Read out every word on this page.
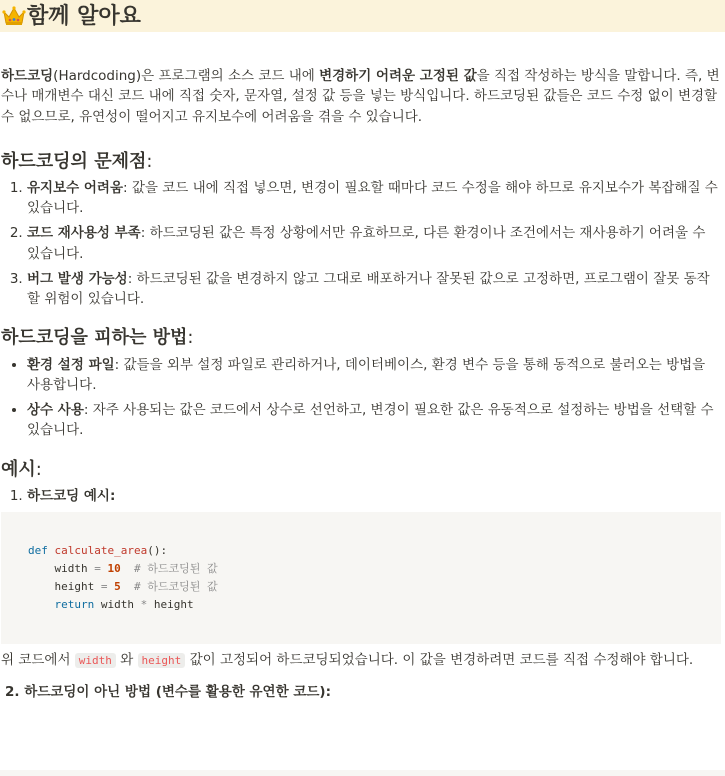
함께 알아요

하드코딩(Hardcoding)은 프로그램의 소스 코드 내에 변경하기 어려운 고정된 값을 직접 작성하는 방식을 말합니다. 즉, 변수나 매개변수 대신 코드 내에 직접 숫자, 문자열, 설정 값 등을 넣는 방식입니다. 하드코딩된 값들은 코드 수정 없이 변경할 수 없으므로, 유연성이 떨어지고 유지보수에 어려움을 겪을 수 있습니다.

하드코딩의 문제점:
1. 유지보수 어려움: 값을 코드 내에 직접 넣으면, 변경이 필요할 때마다 코드 수정을 해야 하므로 유지보수가 복잡해질 수 있습니다.
2. 코드 재사용성 부족: 하드코딩된 값은 특정 상황에서만 유효하므로, 다른 환경이나 조건에서는 재사용하기 어려울 수 있습니다.
3. 버그 발생 가능성: 하드코딩된 값을 변경하지 않고 그대로 배포하거나 잘못된 값으로 고정하면, 프로그램이 잘못 동작할 위험이 있습니다.
하드코딩을 피하는 방법:
• 환경 설정 파일: 값들을 외부 설정 파일로 관리하거나, 데이터베이스, 환경 변수 등을 통해 동적으로 불러오는 방법을 사용합니다.
• 상수 사용: 자주 사용되는 값은 코드에서 상수로 선언하고, 변경이 필요한 값은 유동적으로 설정하는 방법을 선택할 수 있습니다.
예시:
1. 하드코딩 예시:
def calculate_area():
width = 10 # 하드코딩된 값
height = 5 # 하드코딩된 값
return width * height

위 코드에서 width 와 height 값이 고정되어 하드코딩되었습니다. 이 값을 변경하려면 코드를 직접 수정해야 합니다.

2. 하드코딩이 아닌 방법 (변수를 활용한 유연한 코드):
